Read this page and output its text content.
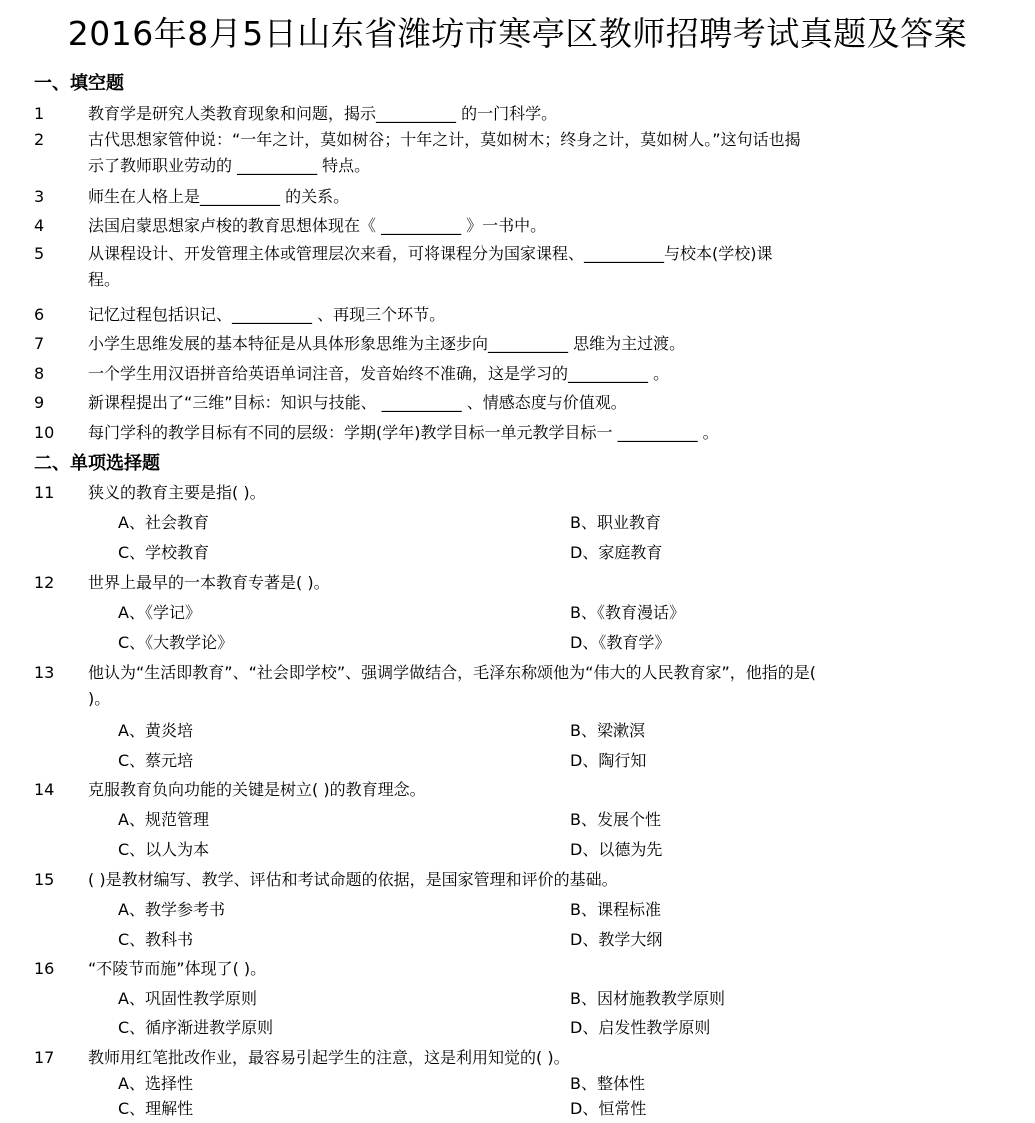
2016年8月5日山东省潍坊市寒亭区教师招聘考试真题及答案
一、填空题
1	教育学是研究人类教育现象和问题，揭示__________ 的一门科学。
2	古代思想家管仲说：“一年之计，莫如树谷；十年之计，莫如树木；终身之计，莫如树人。”这句话也揭
示了教师职业劳动的 __________ 特点。
3	师生在人格上是__________ 的关系。
4	法国启蒙思想家卢梭的教育思想体现在《 __________ 》一书中。
5	从课程设计、开发管理主体或管理层次来看，可将课程分为国家课程、__________与校本(学校)课
程。
6	记忆过程包括识记、__________ 、再现三个环节。
7	小学生思维发展的基本特征是从具体形象思维为主逐步向__________ 思维为主过渡。
8	一个学生用汉语拼音给英语单词注音，发音始终不准确，这是学习的__________ 。
9	新课程提出了“三维”目标：知识与技能、 __________ 、情感态度与价值观。
10 每门学科的教学目标有不同的层级：学期(学年)教学目标一单元教学目标一 __________ 。
二、单项选择题
11 狭义的教育主要是指( )。
A、社会教育	B、职业教育
C、学校教育	D、家庭教育
12 世界上最早的一本教育专著是( )。
A、《学记》	B、《教育漫话》
C、《大教学论》	D、《教育学》
13 他认为“生活即教育”、“社会即学校”、强调学做结合，毛泽东称颂他为“伟大的人民教育家”，他指的是(
)。
A、黄炎培	B、梁漱溟
C、蔡元培	D、陶行知
14 克服教育负向功能的关键是树立( )的教育理念。
A、规范管理	B、发展个性
C、以人为本	D、以德为先
15 ( )是教材编写、教学、评估和考试命题的依据，是国家管理和评价的基础。
A、教学参考书	B、课程标准
C、教科书	D、教学大纲
16 “不陵节而施”体现了( )。
A、巩固性教学原则	B、因材施教教学原则
C、循序渐进教学原则	D、启发性教学原则
17 教师用红笔批改作业，最容易引起学生的注意，这是利用知觉的( )。
A、选择性	B、整体性
C、理解性	D、恒常性
